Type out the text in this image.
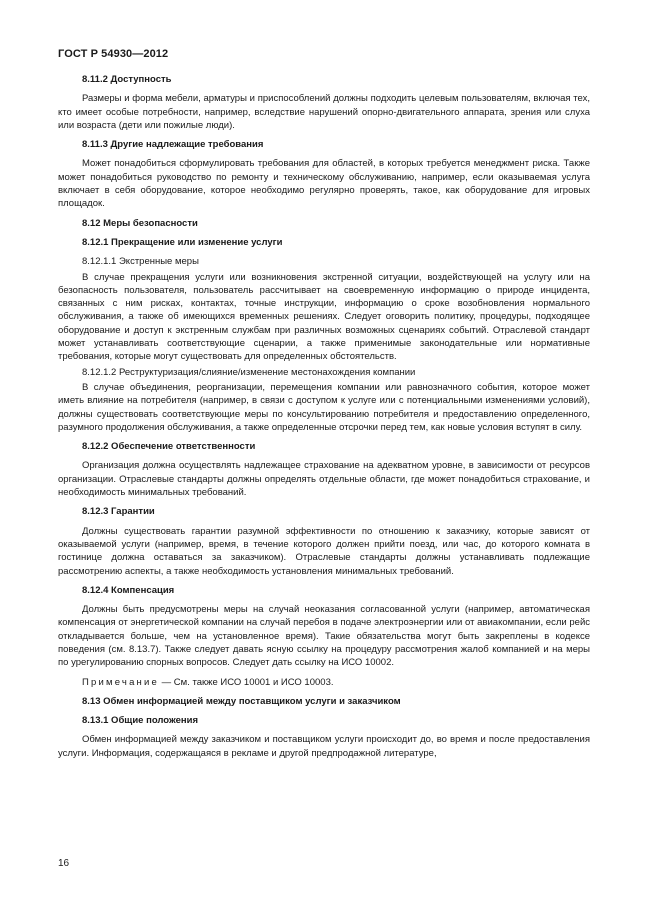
ГОСТ Р 54930—2012
8.11.2 Доступность
Размеры и форма мебели, арматуры и приспособлений должны подходить целевым пользователям, включая тех, кто имеет особые потребности, например, вследствие нарушений опорно-двигательного аппарата, зрения или слуха или возраста (дети или пожилые люди).
8.11.3 Другие надлежащие требования
Может понадобиться сформулировать требования для областей, в которых требуется менеджмент риска. Также может понадобиться руководство по ремонту и техническому обслуживанию, например, если оказываемая услуга включает в себя оборудование, которое необходимо регулярно проверять, такое, как оборудование для игровых площадок.
8.12 Меры безопасности
8.12.1 Прекращение или изменение услуги
8.12.1.1 Экстренные меры
В случае прекращения услуги или возникновения экстренной ситуации, воздействующей на услугу или на безопасность пользователя, пользователь рассчитывает на своевременную информацию о природе инцидента, связанных с ним рисках, контактах, точные инструкции, информацию о сроке возобновления нормального обслуживания, а также об имеющихся временных решениях. Следует оговорить политику, процедуры, подходящее оборудование и доступ к экстренным службам при различных возможных сценариях событий. Отраслевой стандарт может устанавливать соответствующие сценарии, а также применимые законодательные или нормативные требования, которые могут существовать для определенных обстоятельств.
8.12.1.2 Реструктуризация/слияние/изменение местонахождения компании
В случае объединения, реорганизации, перемещения компании или равнозначного события, которое может иметь влияние на потребителя (например, в связи с доступом к услуге или с потенциальными изменениями условий), должны существовать соответствующие меры по консультированию потребителя и предоставлению определенного, разумного продолжения обслуживания, а также определенные отсрочки перед тем, как новые условия вступят в силу.
8.12.2 Обеспечение ответственности
Организация должна осуществлять надлежащее страхование на адекватном уровне, в зависимости от ресурсов организации. Отраслевые стандарты должны определять отдельные области, где может понадобиться страхование, и необходимость минимальных требований.
8.12.3 Гарантии
Должны существовать гарантии разумной эффективности по отношению к заказчику, которые зависят от оказываемой услуги (например, время, в течение которого должен прийти поезд, или час, до которого комната в гостинице должна оставаться за заказчиком). Отраслевые стандарты должны устанавливать подлежащие рассмотрению аспекты, а также необходимость установления минимальных требований.
8.12.4 Компенсация
Должны быть предусмотрены меры на случай неоказания согласованной услуги (например, автоматическая компенсация от энергетической компании на случай перебоя в подаче электроэнергии или от авиакомпании, если рейс откладывается больше, чем на установленное время). Такие обязательства могут быть закреплены в кодексе поведения (см. 8.13.7). Также следует давать ясную ссылку на процедуру рассмотрения жалоб компанией и на меры по урегулированию спорных вопросов. Следует дать ссылку на ИСО 10002.
Примечание — См. также ИСО 10001 и ИСО 10003.
8.13 Обмен информацией между поставщиком услуги и заказчиком
8.13.1 Общие положения
Обмен информацией между заказчиком и поставщиком услуги происходит до, во время и после предоставления услуги. Информация, содержащаяся в рекламе и другой предпродажной литературе,
16
